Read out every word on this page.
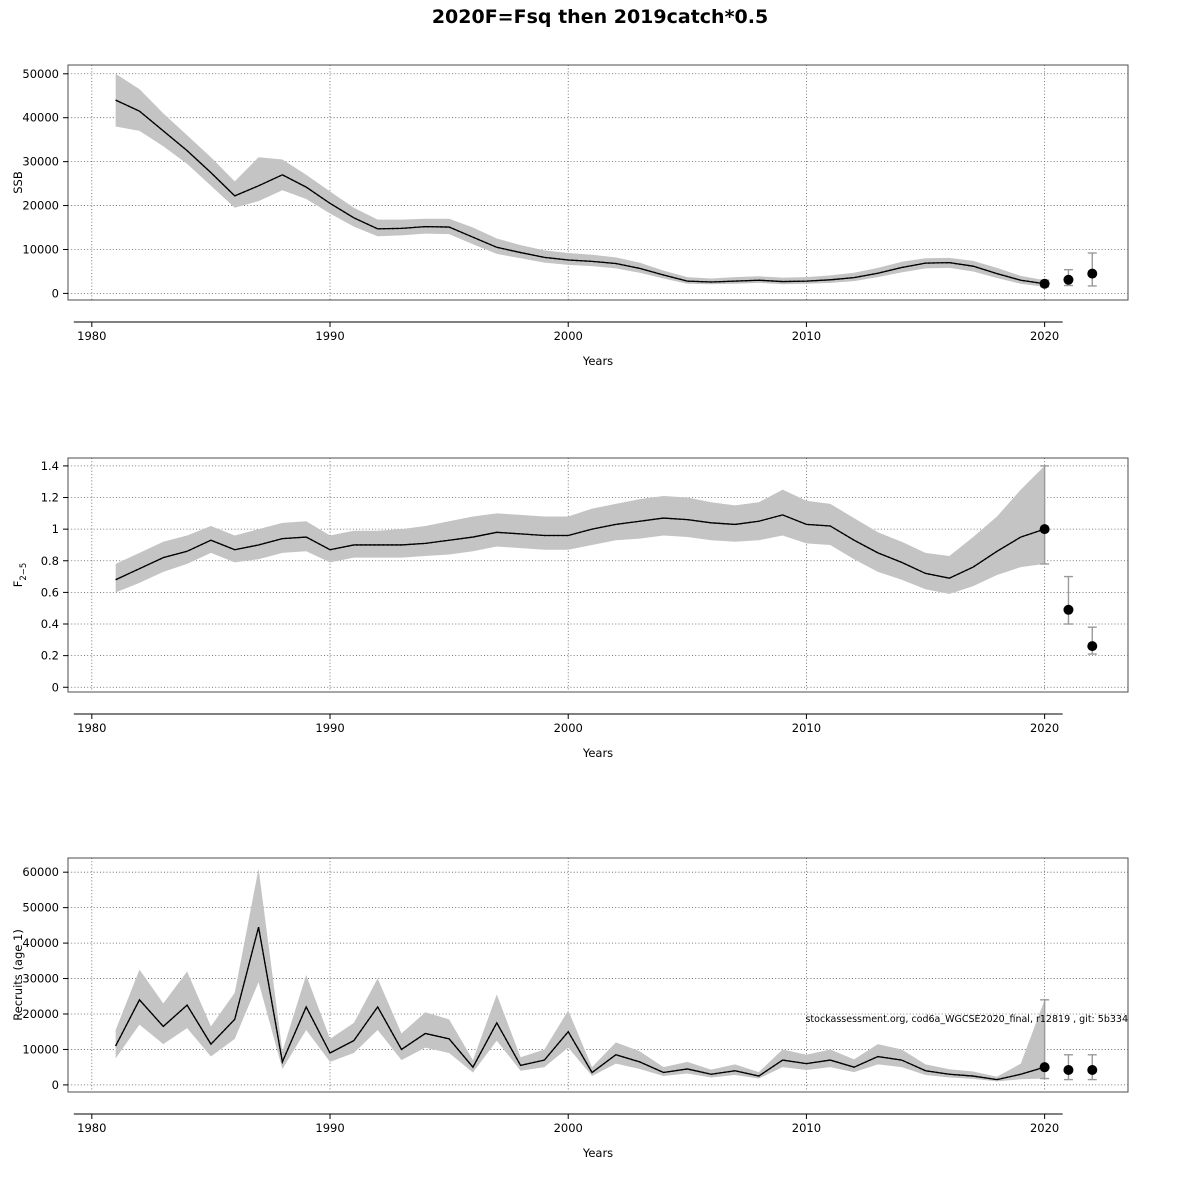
2020F=Fsq then 2019catch*0.5
0
10000
20000
30000
40000
50000
1980	1990	2000	2010	2020
Years
SSB
0
0.2
0.4
0.6
0.8
1
1.2
1.4
1980	1990	2000	2010	2020
Years
$F_{2-5}$
0
10000
20000
30000
40000
50000
60000
1980	1990	2000	2010	2020
Years
Recruits (age 1)	stockassessment.org, cod6a_WGCSE2020_final, r12819 , git: 5b334
